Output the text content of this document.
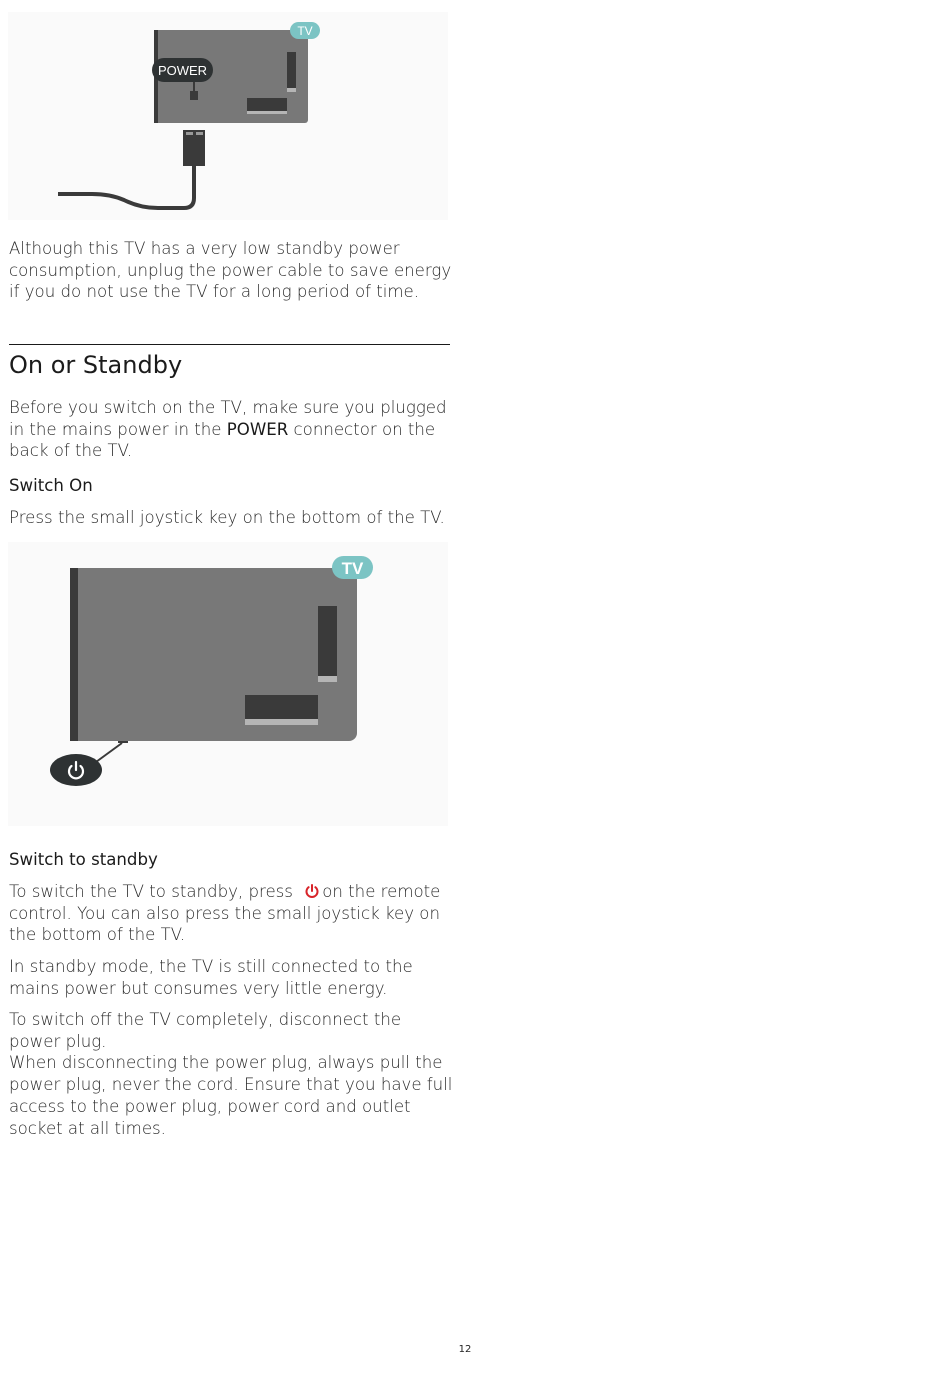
POWER
TV

Although this TV has a very low standby power
consumption, unplug the power cable to save energy
if you do not use the TV for a long period of time.

On or Standby

Before you switch on the TV, make sure you plugged
in the mains power in the POWER connector on the
back of the TV.

Switch On

Press the small joystick key on the bottom of the TV.

TV
Switch to standby

To switch the TV to standby, press on the remote
control. You can also press the small joystick key on
the bottom of the TV.

In standby mode, the TV is still connected to the
mains power but consumes very little energy.

To switch off the TV completely, disconnect the
power plug.
When disconnecting the power plug, always pull the
power plug, never the cord. Ensure that you have full
access to the power plug, power cord and outlet
socket at all times.

12
